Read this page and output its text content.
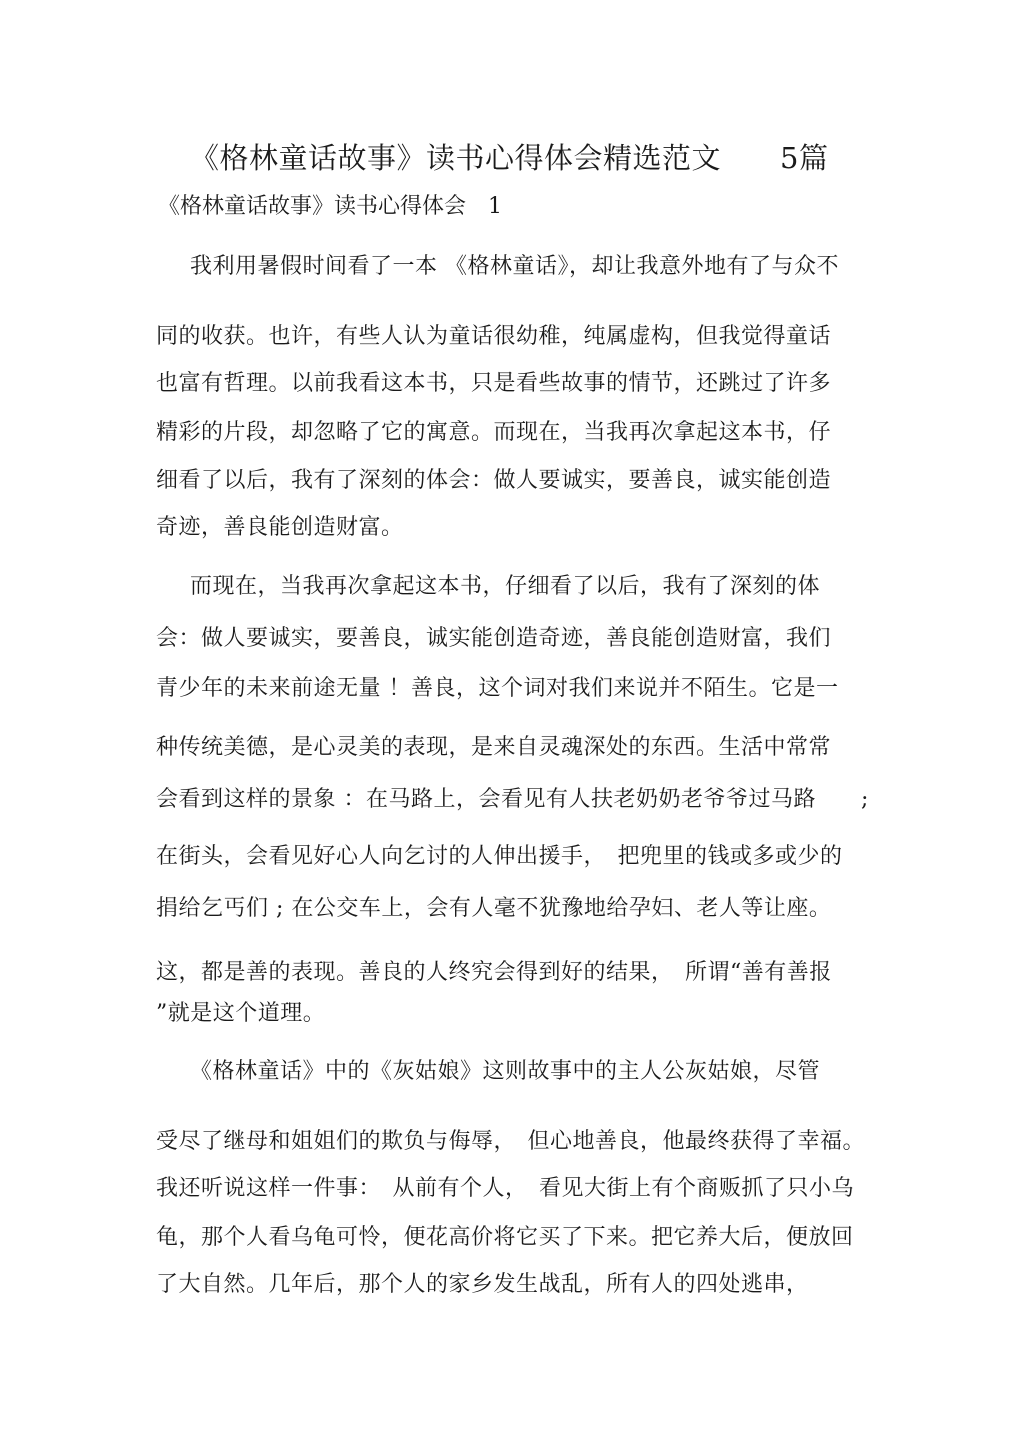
《格林童话故事》读书心得体会精选范文　　5篇
《格林童话故事》读书心得体会　1
我利用暑假时间看了一本 《格林童话》，却让我意外地有了与众不
同的收获。也许，有些人认为童话很幼稚，纯属虚构，但我觉得童话
也富有哲理。以前我看这本书，只是看些故事的情节，还跳过了许多
精彩的片段，却忽略了它的寓意。而现在，当我再次拿起这本书，仔
细看了以后，我有了深刻的体会：做人要诚实，要善良，诚实能创造
奇迹，善良能创造财富。
而现在，当我再次拿起这本书，仔细看了以后，我有了深刻的体
会：做人要诚实，要善良，诚实能创造奇迹，善良能创造财富，我们
青少年的未来前途无量 ！善良，这个词对我们来说并不陌生。它是一
种传统美德，是心灵美的表现，是来自灵魂深处的东西。生活中常常
会看到这样的景象 ：在马路上，会看见有人扶老奶奶老爷爷过马路　　;
在街头，会看见好心人向乞讨的人伸出援手，　把兜里的钱或多或少的
捐给乞丐们 ; 在公交车上，会有人毫不犹豫地给孕妇、老人等让座。
这，都是善的表现。善良的人终究会得到好的结果，　所谓“善有善报
”就是这个道理。
《格林童话》中的《灰姑娘》这则故事中的主人公灰姑娘，尽管
受尽了继母和姐姐们的欺负与侮辱，　但心地善良，他最终获得了幸福。
我还听说这样一件事：　从前有个人，　看见大街上有个商贩抓了只小乌
龟，那个人看乌龟可怜，便花高价将它买了下来。把它养大后，便放回
了大自然。几年后，那个人的家乡发生战乱，所有人的四处逃串，
